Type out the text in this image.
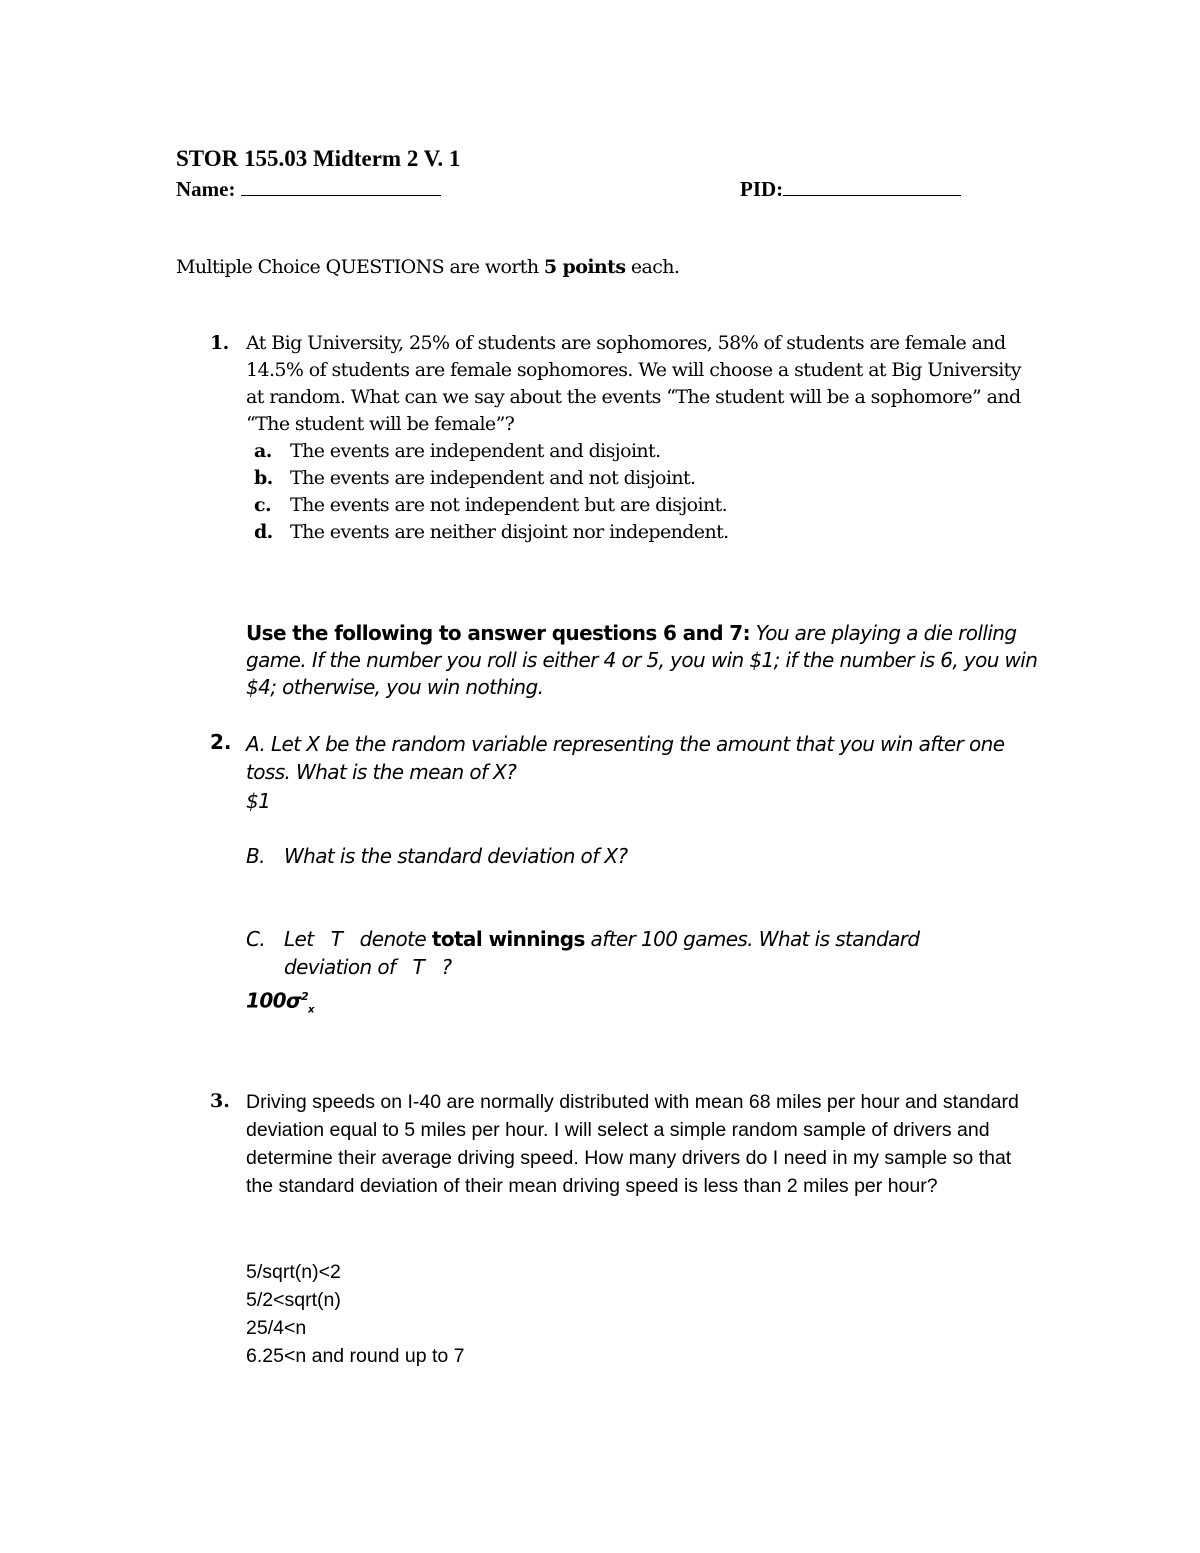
STOR 155.03 Midterm 2 V. 1
Name:	PID:
Multiple Choice QUESTIONS are worth 5 points each.
1. At Big University, 25% of students are sophomores, 58% of students are female and 14.5% of students are female sophomores. We will choose a student at Big University at random. What can we say about the events “The student will be a sophomore” and “The student will be female”?
a. The events are independent and disjoint.
b. The events are independent and not disjoint.
c. The events are not independent but are disjoint.
d. The events are neither disjoint nor independent.
Use the following to answer questions 6 and 7: You are playing a die rolling game. If the number you roll is either 4 or 5, you win $1; if the number is 6, you win $4; otherwise, you win nothing.
2. A. Let X be the random variable representing the amount that you win after one toss. What is the mean of X?
$1
B. What is the standard deviation of X?
C. Let   T   denote total winnings after 100 games. What is standard deviation of   T   ?
$100\sigma^2_x$
3. Driving speeds on I-40 are normally distributed with mean 68 miles per hour and standard deviation equal to 5 miles per hour. I will select a simple random sample of drivers and determine their average driving speed. How many drivers do I need in my sample so that the standard deviation of their mean driving speed is less than 2 miles per hour?
5/sqrt(n)<2
5/2<sqrt(n)
25/4<n
6.25<n and round up to 7
